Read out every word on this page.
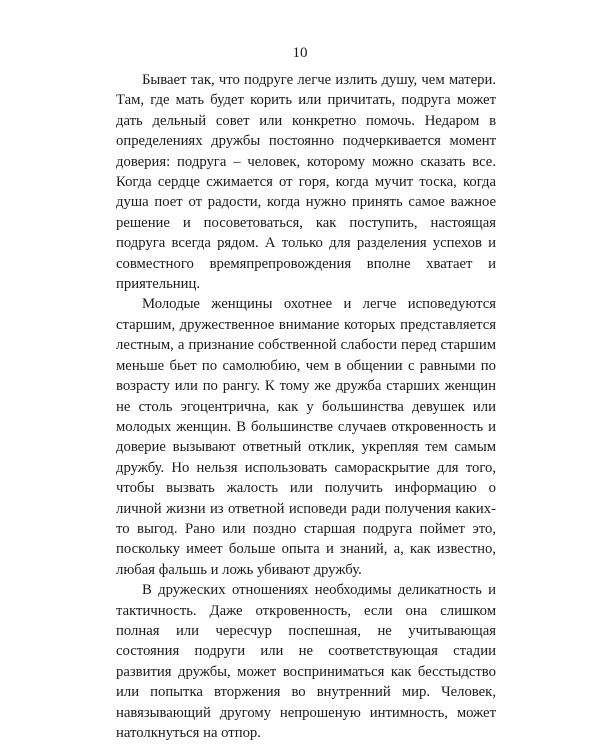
10

Бывает так, что подруге легче излить душу, чем матери. Там, где мать будет корить или причитать, подруга может дать дельный совет или конкретно помочь. Недаром в определениях дружбы постоянно подчеркивается момент доверия: подруга – человек, которому можно сказать все. Когда сердце сжимается от горя, когда мучит тоска, когда душа поет от радости, когда нужно принять самое важное решение и посоветоваться, как поступить, настоящая подруга всегда рядом. А только для разделения успехов и совместного времяпрепровождения вполне хватает и приятельниц.

Молодые женщины охотнее и легче исповедуются старшим, дружественное внимание которых представляется лестным, а признание собственной слабости перед старшим меньше бьет по самолюбию, чем в общении с равными по возрасту или по рангу. К тому же дружба старших женщин не столь эгоцентрична, как у большинства девушек или молодых женщин. В большинстве случаев откровенность и доверие вызывают ответный отклик, укрепляя тем самым дружбу. Но нельзя использовать самораскрытие для того, чтобы вызвать жалость или получить информацию о личной жизни из ответной исповеди ради получения каких-то выгод. Рано или поздно старшая подруга поймет это, поскольку имеет больше опыта и знаний, а, как известно, любая фальшь и ложь убивают дружбу.

В дружеских отношениях необходимы деликатность и тактичность. Даже откровенность, если она слишком полная или чересчур поспешная, не учитывающая состояния подруги или не соответствующая стадии развития дружбы, может восприниматься как бесстыдство или попытка вторжения во внутренний мир. Человек, навязывающий другому непрошеную интимность, может натолкнуться на отпор.
